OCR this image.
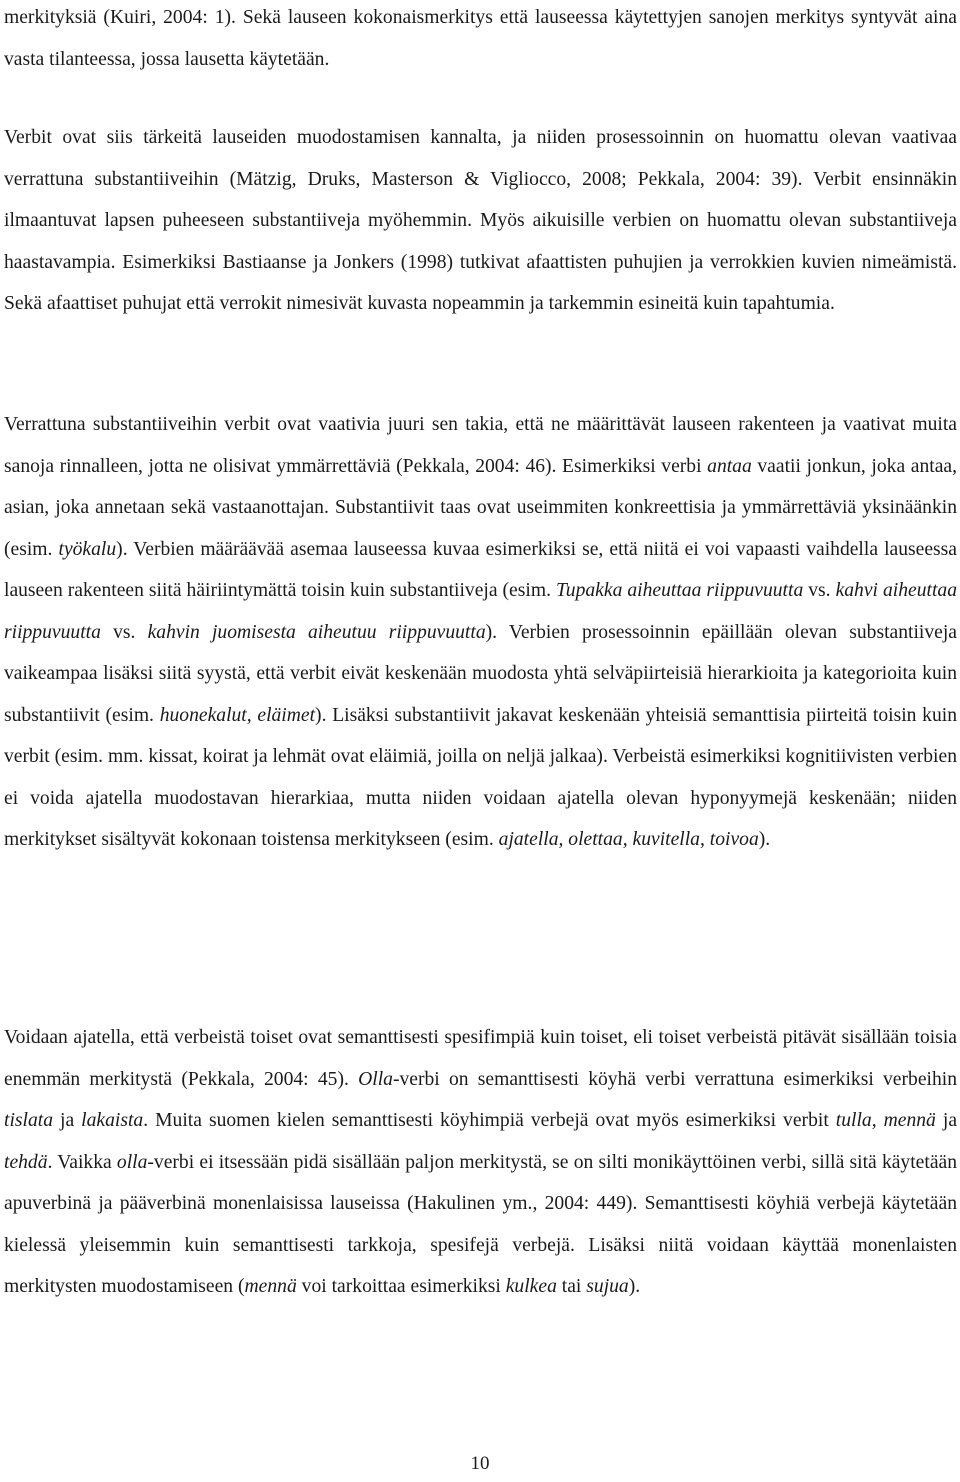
merkityksiä (Kuiri, 2004: 1). Sekä lauseen kokonaismerkitys että lauseessa käytettyjen sanojen merkitys syntyvät aina vasta tilanteessa, jossa lausetta käytetään.

Verbit ovat siis tärkeitä lauseiden muodostamisen kannalta, ja niiden prosessoinnin on huomattu olevan vaativaa verrattuna substantiiveihin (Mätzig, Druks, Masterson & Vigliocco, 2008; Pekkala, 2004: 39). Verbit ensinnäkin ilmaantuvat lapsen puheeseen substantiiveja myöhemmin. Myös aikuisille verbien on huomattu olevan substantiiveja haastavampia. Esimerkiksi Bastiaanse ja Jonkers (1998) tutkivat afaattisten puhujien ja verrokkien kuvien nimeämistä. Sekä afaattiset puhujat että verrokit nimesivät kuvasta nopeammin ja tarkemmin esineitä kuin tapahtumia.

Verrattuna substantiiveihin verbit ovat vaativia juuri sen takia, että ne määrittävät lauseen rakenteen ja vaativat muita sanoja rinnalleen, jotta ne olisivat ymmärrettäviä (Pekkala, 2004: 46). Esimerkiksi verbi antaa vaatii jonkun, joka antaa, asian, joka annetaan sekä vastaanottajan. Substantiivit taas ovat useimmiten konkreettisia ja ymmärrettäviä yksinäänkin (esim. työkalu). Verbien määräävää asemaa lauseessa kuvaa esimerkiksi se, että niitä ei voi vapaasti vaihdella lauseessa lauseen rakenteen siitä häiriintymättä toisin kuin substantiiveja (esim. Tupakka aiheuttaa riippuvuutta vs. kahvi aiheuttaa riippuvuutta vs. kahvin juomisesta aiheutuu riippuvuutta). Verbien prosessoinnin epäillään olevan substantiiveja vaikeampaa lisäksi siitä syystä, että verbit eivät keskenään muodosta yhtä selväpiirteisiä hierarkioita ja kategorioita kuin substantiivit (esim. huonekalut, eläimet). Lisäksi substantiivit jakavat keskenään yhteisiä semanttisia piirteitä toisin kuin verbit (esim. mm. kissat, koirat ja lehmät ovat eläimiä, joilla on neljä jalkaa). Verbeistä esimerkiksi kognitiivisten verbien ei voida ajatella muodostavan hierarkiaa, mutta niiden voidaan ajatella olevan hyponyymejä keskenään; niiden merkitykset sisältyvät kokonaan toistensa merkitykseen (esim. ajatella, olettaa, kuvitella, toivoa).

Voidaan ajatella, että verbeistä toiset ovat semanttisesti spesifimpiä kuin toiset, eli toiset verbeistä pitävät sisällään toisia enemmän merkitystä (Pekkala, 2004: 45). Olla-verbi on semanttisesti köyhä verbi verrattuna esimerkiksi verbeihin tislata ja lakaista. Muita suomen kielen semanttisesti köyhimpiä verbejä ovat myös esimerkiksi verbit tulla, mennä ja tehdä. Vaikka olla-verbi ei itsessään pidä sisällään paljon merkitystä, se on silti monikäyttöinen verbi, sillä sitä käytetään apuverbinä ja pääverbinä monenlaisissa lauseissa (Hakulinen ym., 2004: 449). Semanttisesti köyhiä verbejä käytetään kielessä yleisemmin kuin semanttisesti tarkkoja, spesifejä verbejä. Lisäksi niitä voidaan käyttää monenlaisten merkitysten muodostamiseen (mennä voi tarkoittaa esimerkiksi kulkea tai sujua).

10
